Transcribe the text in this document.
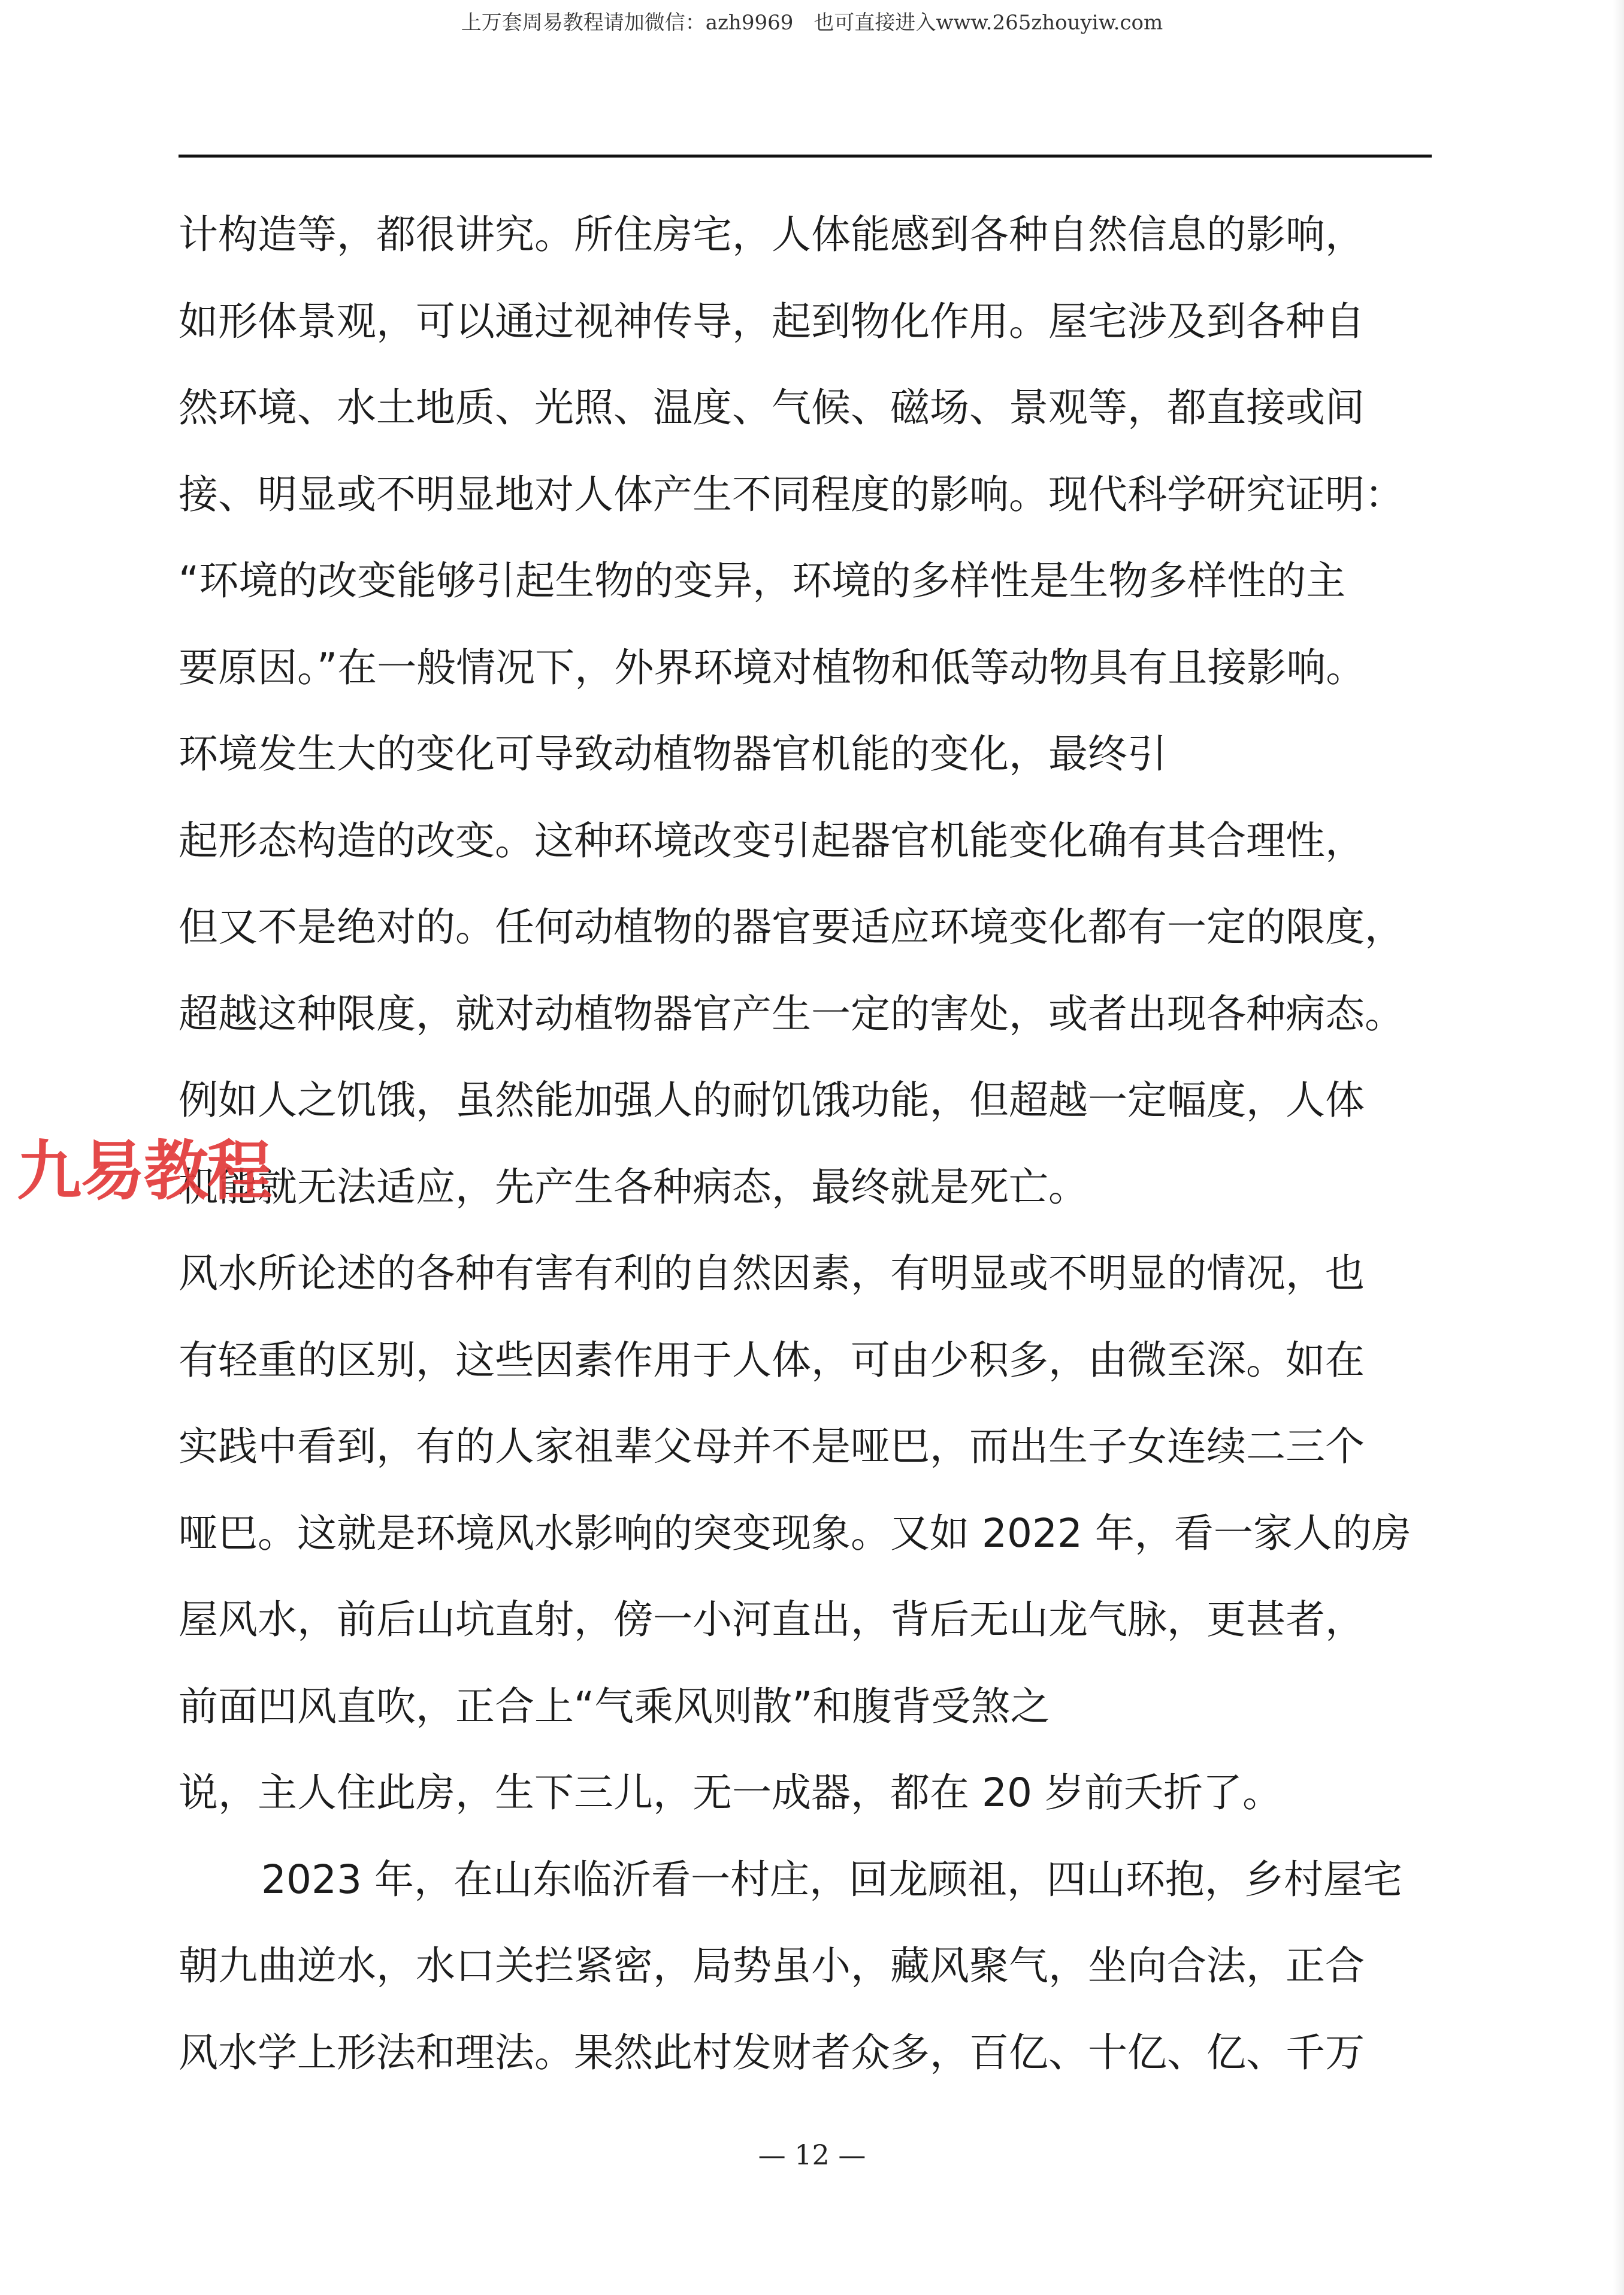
上万套周易教程请加微信：azh9969　也可直接进入www.265zhouyiw.com
计构造等，都很讲究。所住房宅，人体能感到各种自然信息的影响，
如形体景观，可以通过视神传导，起到物化作用。屋宅涉及到各种自
然环境、水土地质、光照、温度、气候、磁场、景观等，都直接或间
接、明显或不明显地对人体产生不同程度的影响。现代科学研究证明：
“环境的改变能够引起生物的变异，环境的多样性是生物多样性的主
要原因。”在一般情况下，外界环境对植物和低等动物具有且接影响。
环境发生大的变化可导致动植物器官机能的变化，最终引
起形态构造的改变。这种环境改变引起器官机能变化确有其合理性，
但又不是绝对的。任何动植物的器官要适应环境变化都有一定的限度，
超越这种限度，就对动植物器官产生一定的害处，或者出现各种病态。
例如人之饥饿，虽然能加强人的耐饥饿功能，但超越一定幅度，人体
机能就无法适应，先产生各种病态，最终就是死亡。
风水所论述的各种有害有利的自然因素，有明显或不明显的情况，也
有轻重的区别，这些因素作用于人体，可由少积多，由微至深。如在
实践中看到，有的人家祖辈父母并不是哑巴，而出生子女连续二三个
哑巴。这就是环境风水影响的突变现象。又如 2022 年，看一家人的房
屋风水，前后山坑直射，傍一小河直出，背后无山龙气脉，更甚者，
前面凹风直吹，正合上“气乘风则散”和腹背受煞之
说，主人住此房，生下三儿，无一成器，都在 20 岁前夭折了。
2023 年，在山东临沂看一村庄，回龙顾祖，四山环抱，乡村屋宅
朝九曲逆水，水口关拦紧密，局势虽小，藏风聚气，坐向合法，正合
风水学上形法和理法。果然此村发财者众多，百亿、十亿、亿、千万
九易教程
— 12 —
